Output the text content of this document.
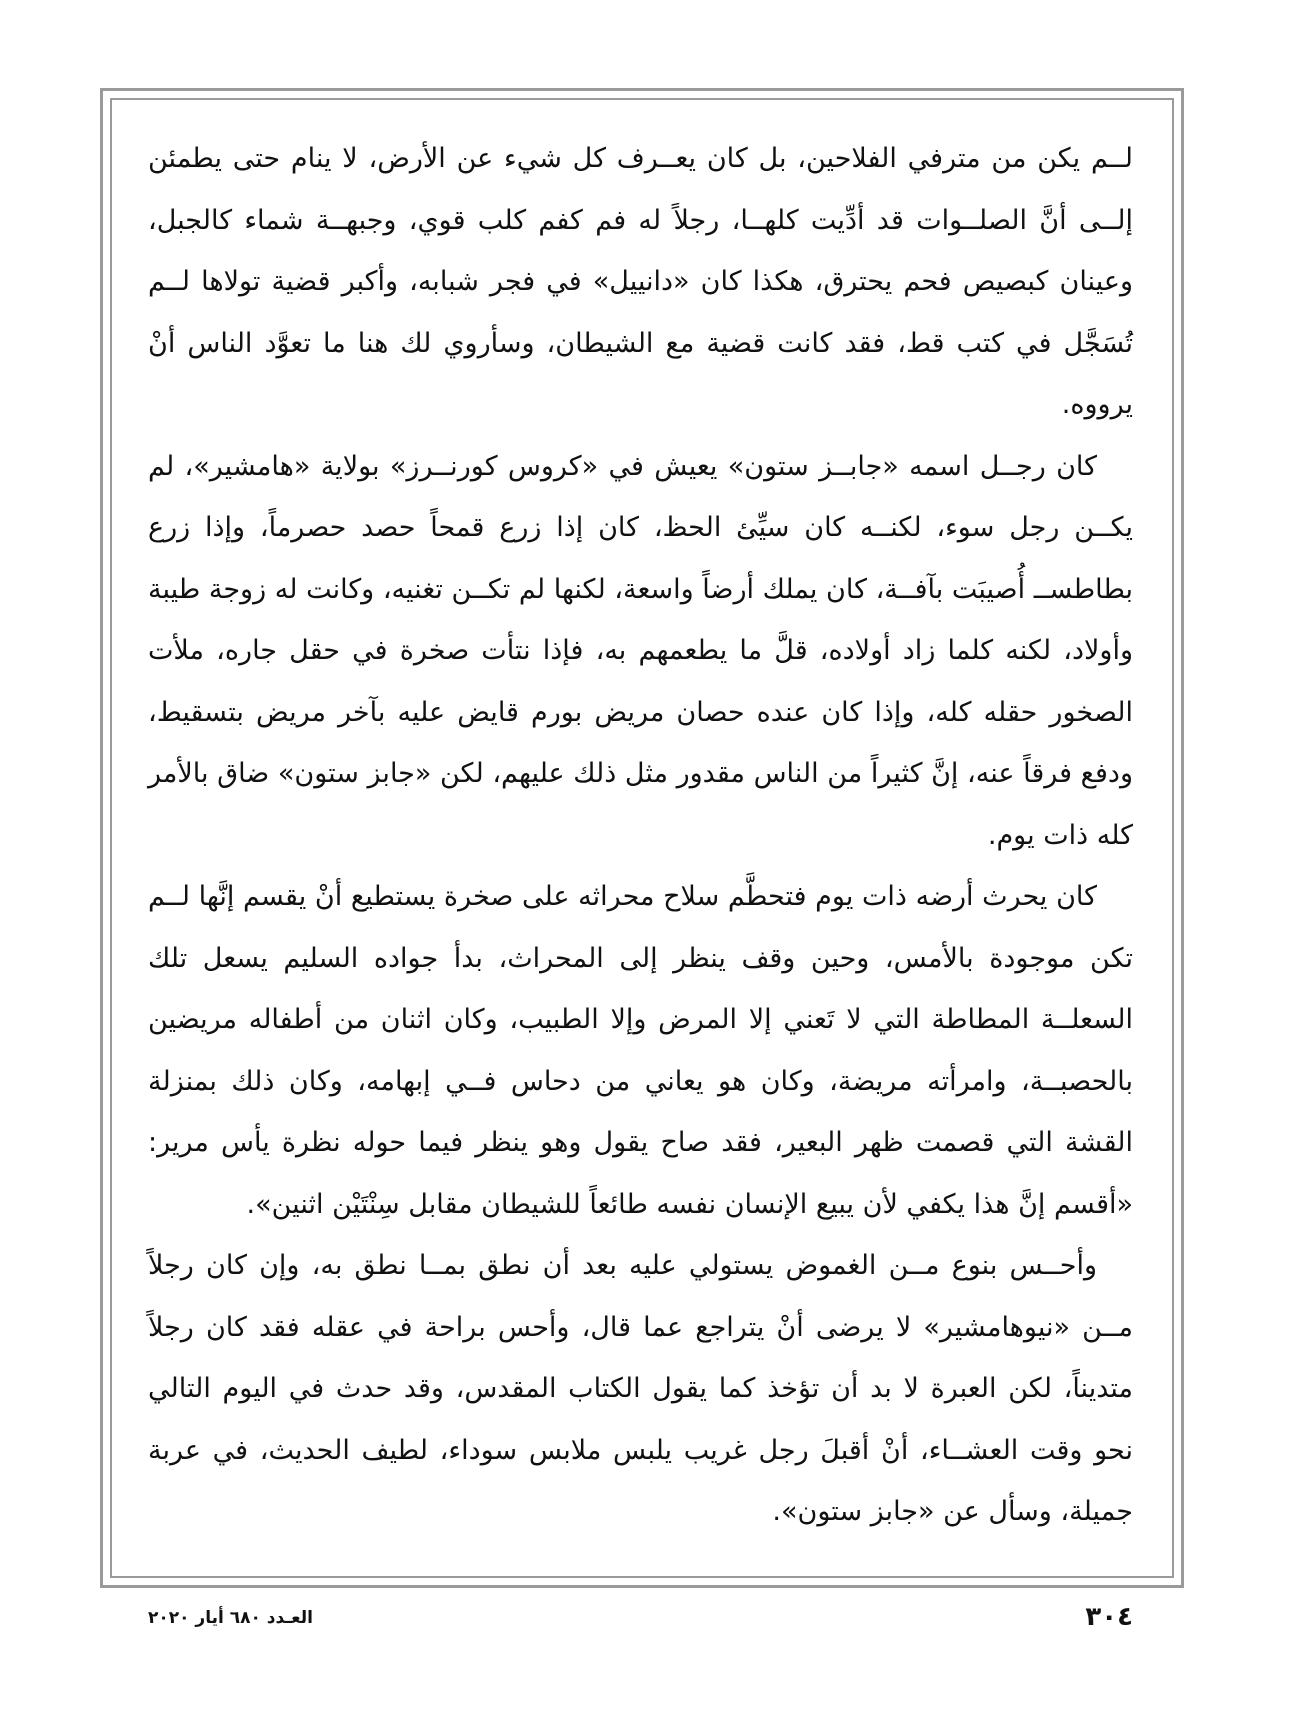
لــم يكن من مترفي الفلاحين، بل كان يعــرف كل شيء عن الأرض، لا ينام حتى يطمئن إلــى أنَّ الصلــوات قد أدِّيت كلهــا، رجلاً له فم كفم كلب قوي، وجبهــة شماء كالجبل، وعينان كبصيص فحم يحترق، هكذا كان «دانييل» في فجر شبابه، وأكبر قضية تولاها لــم تُسَجَّل في كتب قط، فقد كانت قضية مع الشيطان، وسأروي لك هنا ما تعوَّد الناس أنْ يرووه.

كان رجــل اسمه «جابــز ستون» يعيش في «كروس كورنــرز» بولاية «هامشير»، لم يكــن رجل سوء، لكنــه كان سيِّئ الحظ، كان إذا زرع قمحاً حصد حصرماً، وإذا زرع بطاطســ أُصيبَت بآفــة، كان يملك أرضاً واسعة، لكنها لم تكــن تغنيه، وكانت له زوجة طيبة وأولاد، لكنه كلما زاد أولاده، قلَّ ما يطعمهم به، فإذا نتأت صخرة في حقل جاره، ملأت الصخور حقله كله، وإذا كان عنده حصان مريض بورم قايض عليه بآخر مريض بتسقيط، ودفع فرقاً عنه، إنَّ كثيراً من الناس مقدور مثل ذلك عليهم، لكن «جابز ستون» ضاق بالأمر كله ذات يوم.

كان يحرث أرضه ذات يوم فتحطَّم سلاح محراثه على صخرة يستطيع أنْ يقسم إنَّها لــم تكن موجودة بالأمس، وحين وقف ينظر إلى المحراث، بدأ جواده السليم يسعل تلك السعلــة المطاطة التي لا تَعني إلا المرض وإلا الطبيب، وكان اثنان من أطفاله مريضين بالحصبــة، وامرأته مريضة، وكان هو يعاني من دحاس فــي إبهامه، وكان ذلك بمنزلة القشة التي قصمت ظهر البعير، فقد صاح يقول وهو ينظر فيما حوله نظرة يأس مرير: «أقسم إنَّ هذا يكفي لأن يبيع الإنسان نفسه طائعاً للشيطان مقابل سِنْتَيْن اثنين».

وأحــس بنوع مــن الغموض يستولي عليه بعد أن نطق بمــا نطق به، وإن كان رجلاً مــن «نيوهامشير» لا يرضى أنْ يتراجع عما قال، وأحس براحة في عقله فقد كان رجلاً متديناً، لكن العبرة لا بد أن تؤخذ كما يقول الكتاب المقدس، وقد حدث في اليوم التالي نحو وقت العشــاء، أنْ أقبلَ رجل غريب يلبس ملابس سوداء، لطيف الحديث، في عربة جميلة، وسأل عن «جابز ستون».

٣٠٤
العـدد ٦٨٠ أيار ٢٠٢٠
